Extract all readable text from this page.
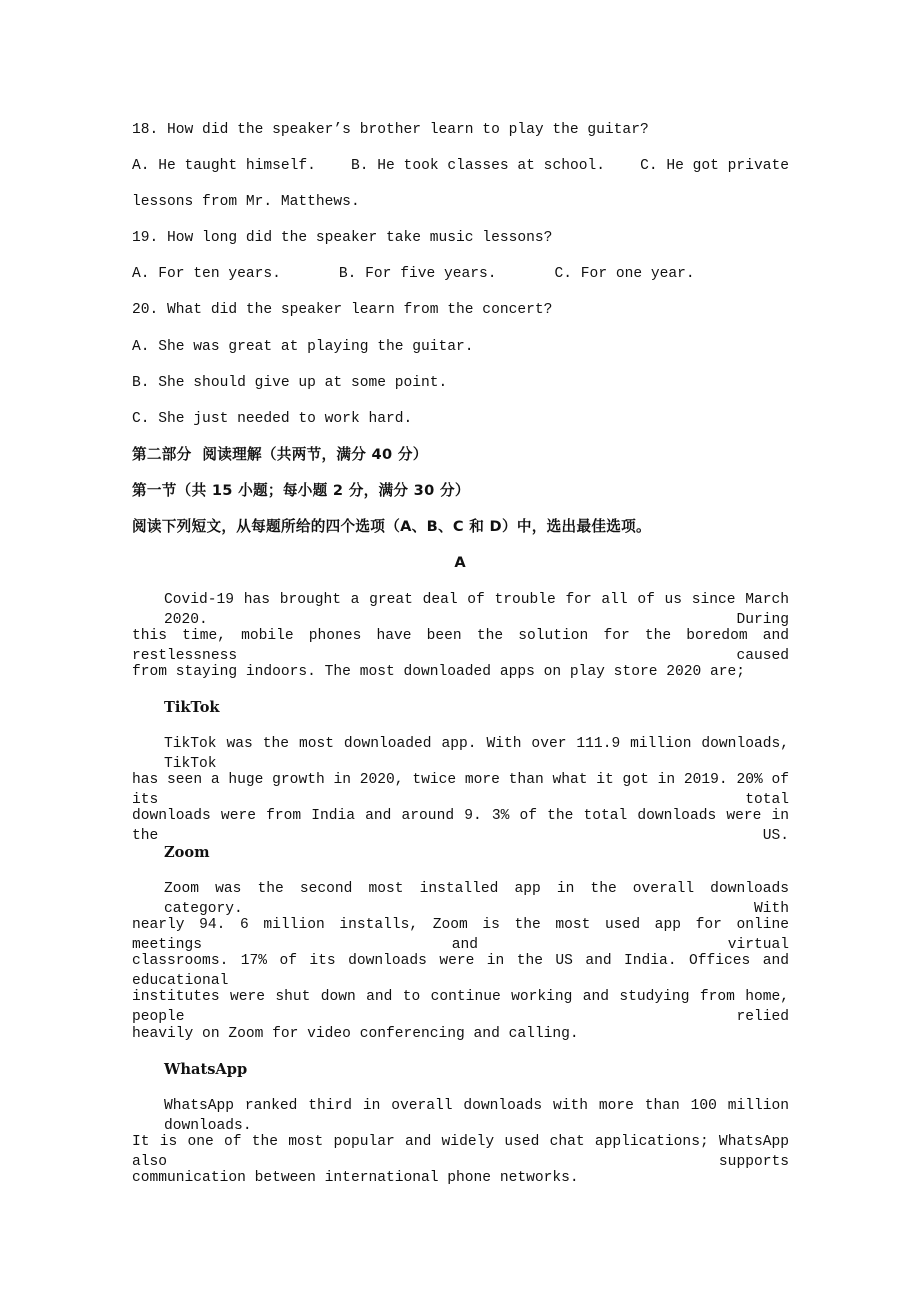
18. How did the speaker’s brother learn to play the guitar?
A. He taught himself. B. He took classes at school. C. He got private
lessons from Mr. Matthews.
19. How long did the speaker take music lessons?
A. For ten years.	B. For five years.	C. For one year.
20. What did the speaker learn from the concert?
A. She was great at playing the guitar.
B. She should give up at some point.
C. She just needed to work hard.
第二部分  阅读理解（共两节，满分 40 分）
第一节（共 15 小题；每小题 2 分，满分 30 分）
阅读下列短文，从每题所给的四个选项（A、B、C 和 D）中，选出最佳选项。
A
Covid-19 has brought a great deal of trouble for all of us since March 2020. During
this time, mobile phones have been the solution for the boredom and restlessness caused
from staying indoors. The most downloaded apps on play store 2020 are;
TikTok
TikTok was the most downloaded app. With over 111.9 million downloads, TikTok
has seen a huge growth in 2020, twice more than what it got in 2019. 20% of its total
downloads were from India and around 9. 3% of the total downloads were in the US.
Zoom
Zoom was the second most installed app in the overall downloads category. With
nearly 94. 6 million installs, Zoom is the most used app for online meetings and virtual
classrooms. 17% of its downloads were in the US and India. Offices and educational
institutes were shut down and to continue working and studying from home, people relied
heavily on Zoom for video conferencing and calling.
WhatsApp
WhatsApp ranked third in overall downloads with more than 100 million downloads.
It is one of the most popular and widely used chat applications; WhatsApp also supports
communication between international phone networks.
